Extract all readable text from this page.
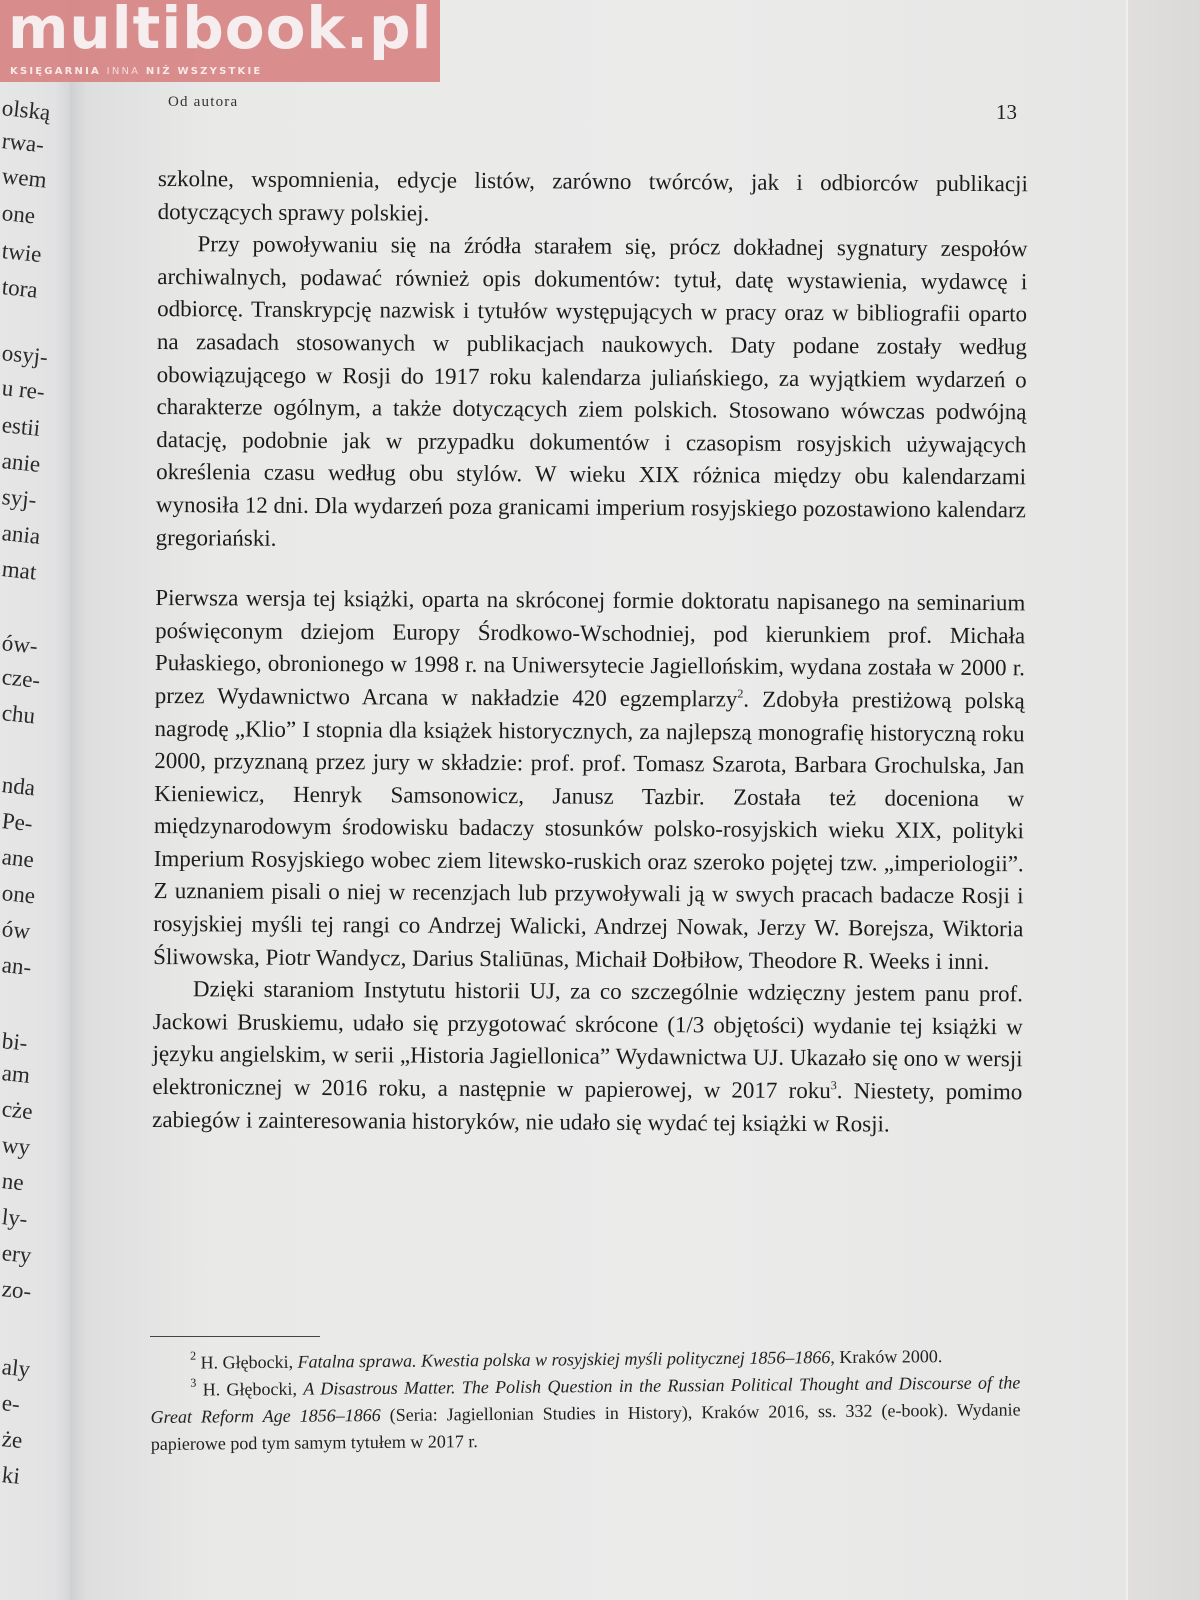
olską
rwa-
wem
one
twie
tora
osyj-
u re-
estii
anie
syj-
ania
mat
ów-
cze-
chu
nda
Pe-
ane
one
ów
an-
bi-
am
cże
wy
ne
ly-
ery
zo-
aly
e-
że
ki
Od autora	13

szkolne, wspomnienia, edycje listów, zarówno twórców, jak i odbiorców publikacji dotyczących sprawy polskiej.

Przy powoływaniu się na źródła starałem się, prócz dokładnej sygnatury zespołów archiwalnych, podawać również opis dokumentów: tytuł, datę wystawienia, wydawcę i odbiorcę. Transkrypcję nazwisk i tytułów występujących w pracy oraz w bibliografii oparto na zasadach stosowanych w publikacjach naukowych. Daty podane zostały według obowiązującego w Rosji do 1917 roku kalendarza juliańskiego, za wyjątkiem wydarzeń o charakterze ogólnym, a także dotyczących ziem polskich. Stosowano wówczas podwójną datację, podobnie jak w przypadku dokumentów i czasopism rosyjskich używających określenia czasu według obu stylów. W wieku XIX różnica między obu kalendarzami wynosiła 12 dni. Dla wydarzeń poza granicami imperium rosyjskiego pozostawiono kalendarz gregoriański.

Pierwsza wersja tej książki, oparta na skróconej formie doktoratu napisanego na seminarium poświęconym dziejom Europy Środkowo-Wschodniej, pod kierunkiem prof. Michała Pułaskiego, obronionego w 1998 r. na Uniwersytecie Jagiellońskim, wydana została w 2000 r. przez Wydawnictwo Arcana w nakładzie 420 egzemplarzy$^2$. Zdobyła prestiżową polską nagrodę „Klio” I stopnia dla książek historycznych, za najlepszą monografię historyczną roku 2000, przyznaną przez jury w składzie: prof. prof. Tomasz Szarota, Barbara Grochulska, Jan Kieniewicz, Henryk Samsonowicz, Janusz Tazbir. Została też doceniona w międzynarodowym środowisku badaczy stosunków polsko-rosyjskich wieku XIX, polityki Imperium Rosyjskiego wobec ziem litewsko-ruskich oraz szeroko pojętej tzw. „imperiologii”. Z uznaniem pisali o niej w recenzjach lub przywoływali ją w swych pracach badacze Rosji i rosyjskiej myśli tej rangi co Andrzej Walicki, Andrzej Nowak, Jerzy W. Borejsza, Wiktoria Śliwowska, Piotr Wandycz, Darius Staliūnas, Michaił Dołbiłow, Theodore R. Weeks i inni.

Dzięki staraniom Instytutu historii UJ, za co szczególnie wdzięczny jestem panu prof. Jackowi Bruskiemu, udało się przygotować skrócone (1/3 objętości) wydanie tej książki w języku angielskim, w serii „Historia Jagiellonica” Wydawnictwa UJ. Ukazało się ono w wersji elektronicznej w 2016 roku, a następnie w papierowej, w 2017 roku$^3$. Niestety, pomimo zabiegów i zainteresowania historyków, nie udało się wydać tej książki w Rosji.

$^2$ H. Głębocki, Fatalna sprawa. Kwestia polska w rosyjskiej myśli politycznej 1856–1866, Kraków 2000.

$^3$ H. Głębocki, A Disastrous Matter. The Polish Question in the Russian Political Thought and Discourse of the Great Reform Age 1856–1866 (Seria: Jagiellonian Studies in History), Kraków 2016, ss. 332 (e-book). Wydanie papierowe pod tym samym tytułem w 2017 r.

multibook.pl
KSIĘGARNIA INNA NIŻ WSZYSTKIE
